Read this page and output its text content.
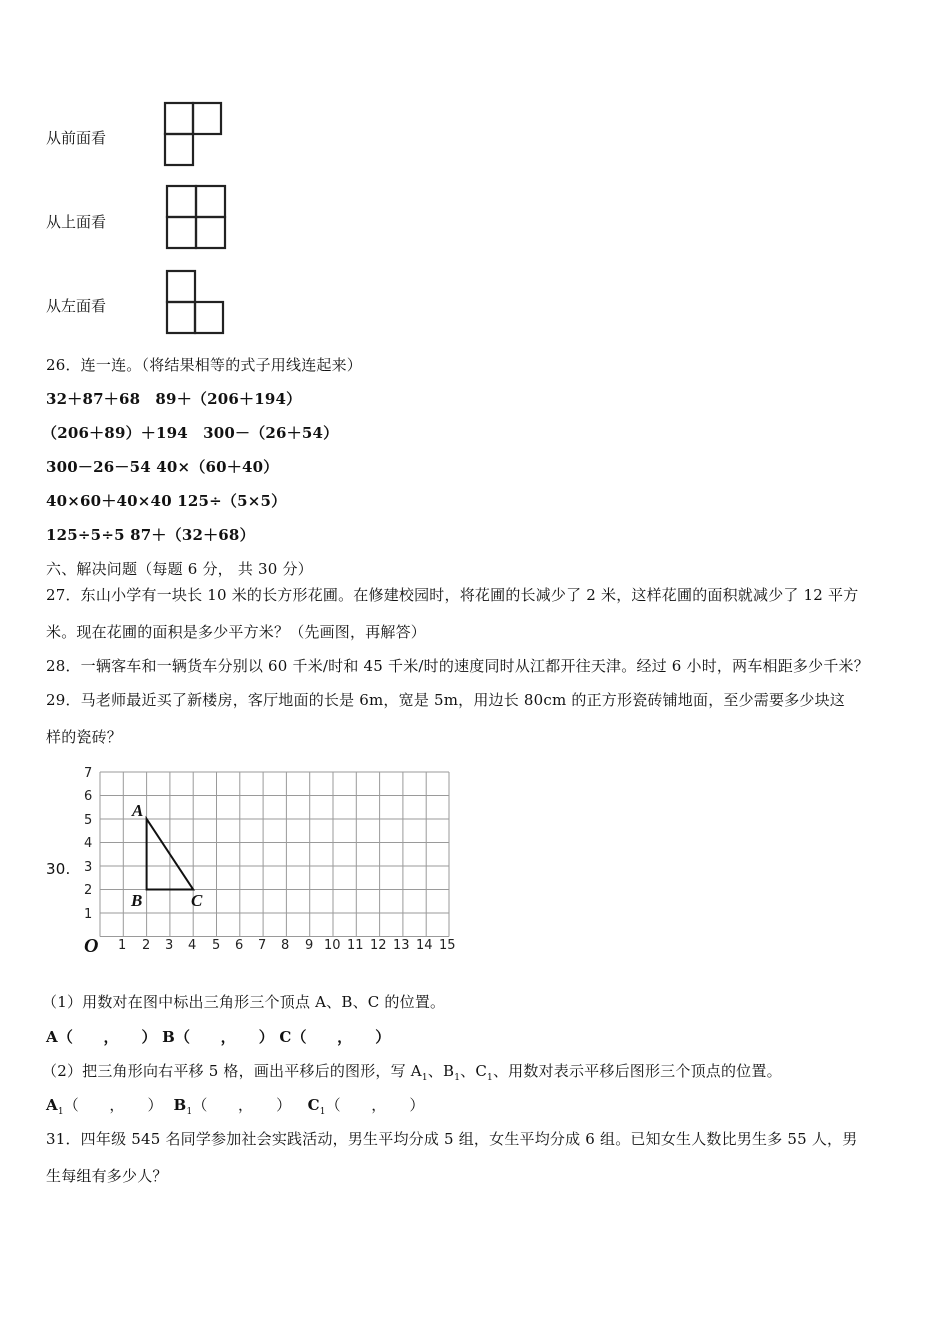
从前面看
从上面看
从左面看
26．连一连。（将结果相等的式子用线连起来）
32＋87＋68　89＋（206＋194）
（206＋89）＋194　300－（26＋54）
300－26－54 40×（60＋40）
40×60＋40×40 125÷（5×5）
125÷5÷5 87＋（32＋68）
六、解决问题（每题 6 分， 共 30 分）
27．东山小学有一块长 10 米的长方形花圃。在修建校园时，将花圃的长减少了 2 米，这样花圃的面积就减少了 12 平方
米。现在花圃的面积是多少平方米？（先画图，再解答）
28．一辆客车和一辆货车分别以 60 千米/时和 45 千米/时的速度同时从江都开往天津。经过 6 小时，两车相距多少千米？
29．马老师最近买了新楼房，客厅地面的长是 6m，宽是 5m，用边长 80cm 的正方形瓷砖铺地面，至少需要多少块这
样的瓷砖？
30.
7
6
5
4
3
2
1
1 2 3 4 5 6 7 8 9 10 11 12 13 14 15
O
A
B	C
（1）用数对在图中标出三角形三个顶点 A、B、C 的位置。
A（　　，　　） B（　　，　　） C（　　，　　）
（2）把三角形向右平移 5 格，画出平移后的图形，写 $A_1$、$B_1$、$C_1$、用数对表示平移后图形三个顶点的位置。
$A_1$（　　，　　） $B_1$（　　，　　） $C_1$（　　，　　）
31．四年级 545 名同学参加社会实践活动，男生平均分成 5 组，女生平均分成 6 组。已知女生人数比男生多 55 人，男
生每组有多少人？
